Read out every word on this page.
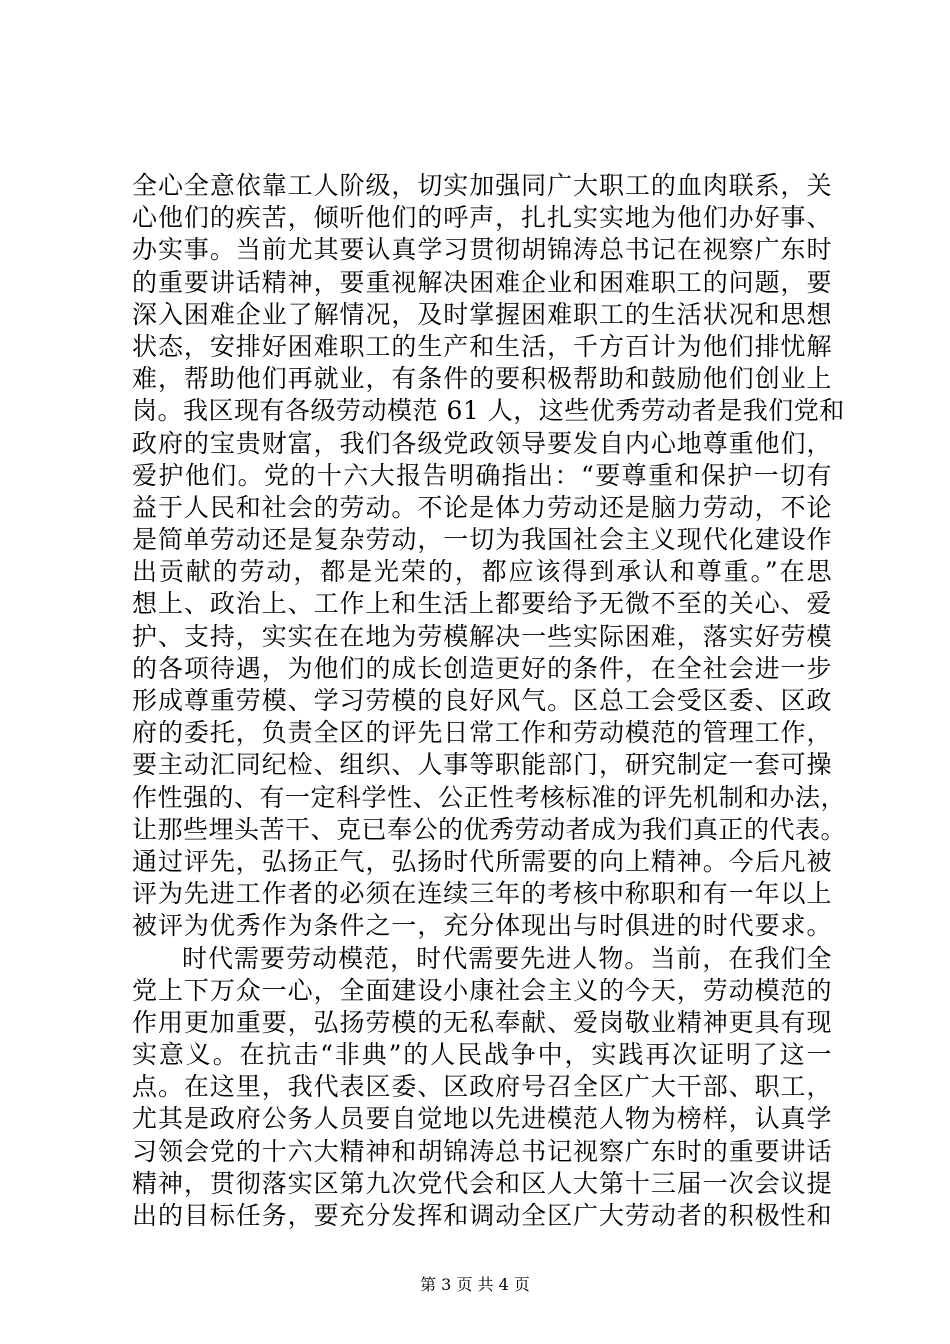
全心全意依靠工人阶级，切实加强同广大职工的血肉联系，关
心他们的疾苦，倾听他们的呼声，扎扎实实地为他们办好事、
办实事。当前尤其要认真学习贯彻胡锦涛总书记在视察广东时
的重要讲话精神，要重视解决困难企业和困难职工的问题，要
深入困难企业了解情况，及时掌握困难职工的生活状况和思想
状态，安排好困难职工的生产和生活，千方百计为他们排忧解
难，帮助他们再就业，有条件的要积极帮助和鼓励他们创业上
岗。我区现有各级劳动模范 61 人，这些优秀劳动者是我们党和
政府的宝贵财富，我们各级党政领导要发自内心地尊重他们，
爱护他们。党的十六大报告明确指出：“要尊重和保护一切有
益于人民和社会的劳动。不论是体力劳动还是脑力劳动，不论
是简单劳动还是复杂劳动，一切为我国社会主义现代化建设作
出贡献的劳动，都是光荣的，都应该得到承认和尊重。”在思
想上、政治上、工作上和生活上都要给予无微不至的关心、爱
护、支持，实实在在地为劳模解决一些实际困难，落实好劳模
的各项待遇，为他们的成长创造更好的条件，在全社会进一步
形成尊重劳模、学习劳模的良好风气。区总工会受区委、区政
府的委托，负责全区的评先日常工作和劳动模范的管理工作，
要主动汇同纪检、组织、人事等职能部门，研究制定一套可操
作性强的、有一定科学性、公正性考核标准的评先机制和办法，
让那些埋头苦干、克已奉公的优秀劳动者成为我们真正的代表。
通过评先，弘扬正气，弘扬时代所需要的向上精神。今后凡被
评为先进工作者的必须在连续三年的考核中称职和有一年以上
被评为优秀作为条件之一，充分体现出与时俱进的时代要求。
时代需要劳动模范，时代需要先进人物。当前，在我们全
党上下万众一心，全面建设小康社会主义的今天，劳动模范的
作用更加重要，弘扬劳模的无私奉献、爱岗敬业精神更具有现
实意义。在抗击“非典”的人民战争中，实践再次证明了这一
点。在这里，我代表区委、区政府号召全区广大干部、职工，
尤其是政府公务人员要自觉地以先进模范人物为榜样，认真学
习领会党的十六大精神和胡锦涛总书记视察广东时的重要讲话
精神，贯彻落实区第九次党代会和区人大第十三届一次会议提
出的目标任务，要充分发挥和调动全区广大劳动者的积极性和
第 3 页 共 4 页
